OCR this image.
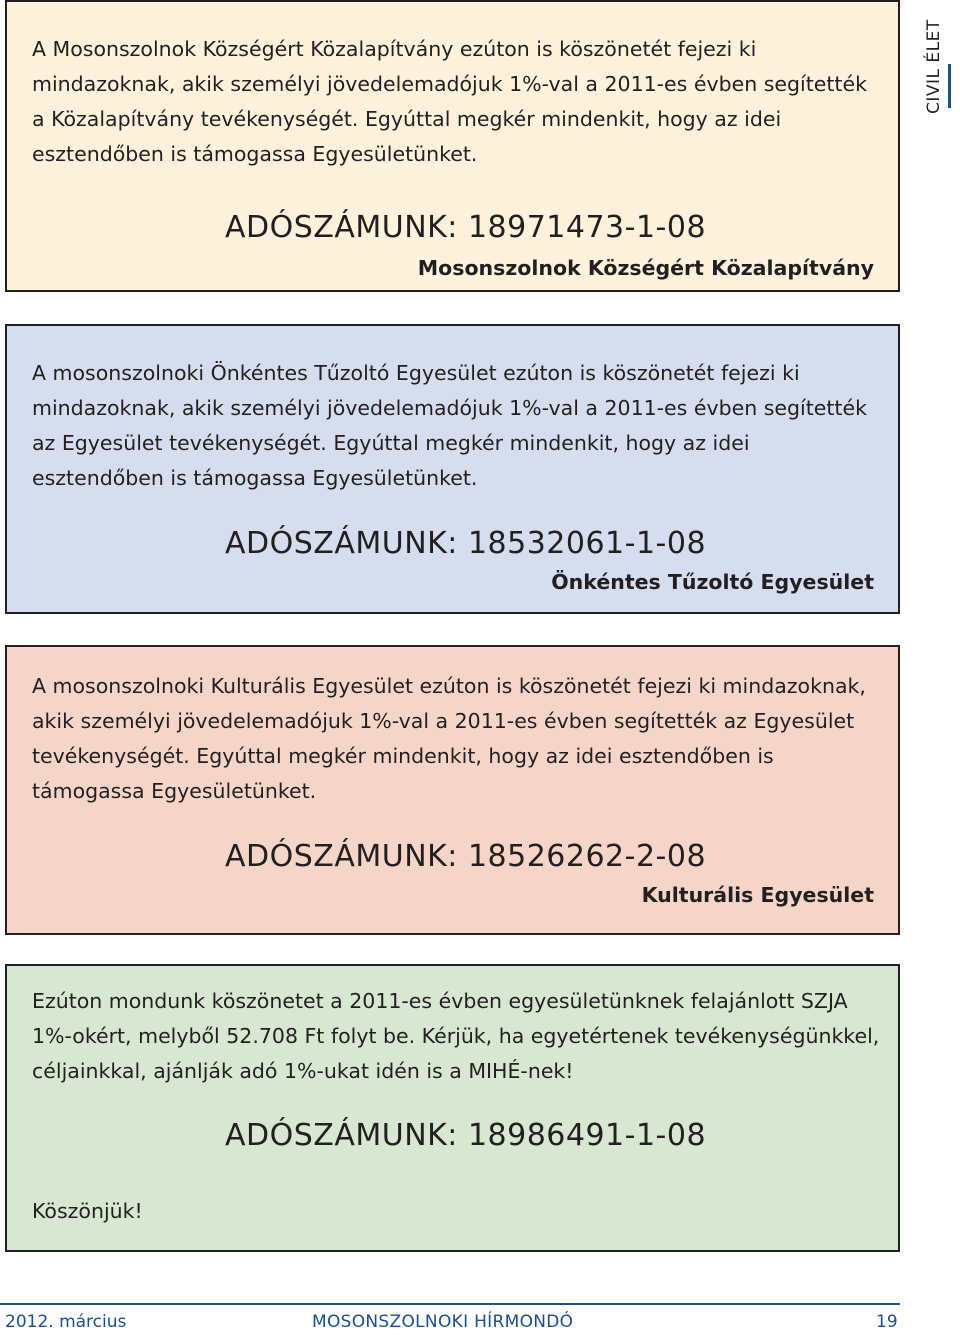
CIVIL ÉLET

A Mosonszolnok Községért Közalapítvány ezúton is köszönetét fejezi ki mindazoknak, akik személyi jövedelemadójuk 1%-val a 2011-es évben segítették a Közalapítvány tevékenységét. Egyúttal megkér mindenkit, hogy az idei esztendőben is támogassa Egyesületünket.

ADÓSZÁMUNK: 18971473-1-08
Mosonszolnok Községért Közalapítvány

A mosonszolnoki Önkéntes Tűzoltó Egyesület ezúton is köszönetét fejezi ki mindazoknak, akik személyi jövedelemadójuk 1%-val a 2011-es évben segítették az Egyesület tevékenységét. Egyúttal megkér mindenkit, hogy az idei esztendőben is támogassa Egyesületünket.

ADÓSZÁMUNK: 18532061-1-08
Önkéntes Tűzoltó Egyesület

A mosonszolnoki Kulturális Egyesület ezúton is köszönetét fejezi ki mindazoknak, akik személyi jövedelemadójuk 1%-val a 2011-es évben segítették az Egyesület tevékenységét. Egyúttal megkér mindenkit, hogy az idei esztendőben is támogassa Egyesületünket.

ADÓSZÁMUNK: 18526262-2-08
Kulturális Egyesület

Ezúton mondunk köszönetet a 2011-es évben egyesületünknek felajánlott SZJA 1%-okért, melyből 52.708 Ft folyt be. Kérjük, ha egyetértenek tevékenységünkkel, céljainkkal, ajánlják adó 1%-ukat idén is a MIHÉ-nek!

ADÓSZÁMUNK: 18986491-1-08

Köszönjük!

2012. március	MOSONSZOLNOKI HÍRMONDÓ	19
